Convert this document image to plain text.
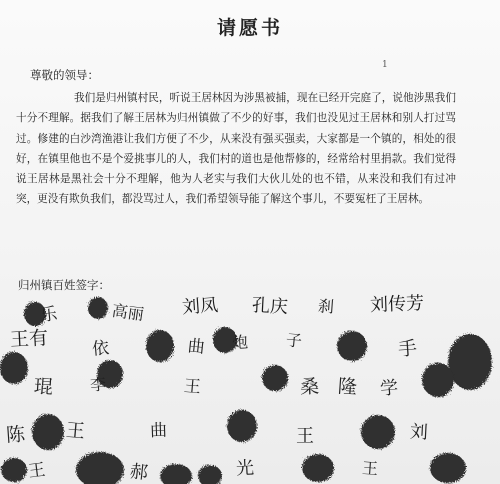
请愿书
1
尊敬的领导：
我们是归州镇村民，听说王居林因为涉黑被捕，现在已经开完庭了，说他涉黑我们十分不理解。据我们了解王居林为归州镇做了不少的好事，我们也没见过王居林和别人打过骂过。修建的白沙湾渔港让我们方便了不少，从来没有强买强卖，大家都是一个镇的，相处的很好，在镇里他也不是个爱挑事儿的人，我们村的道也是他帮修的，经常给村里捐款。我们觉得说王居林是黑社会十分不理解，他为人老实与我们大伙儿处的也不错，从来没和我们有过冲突，更没有欺负我们，都没骂过人，我们希望领导能了解这个事儿，不要冤枉了王居林。
归州镇百姓签字：
刘凤 孔庆	刘传芳
王
王有
乐	高丽	刹
依	曲 炮 子	手
琨 李	王	桑 隆 学
陈 王	曲	刘
王	郝	光	王
